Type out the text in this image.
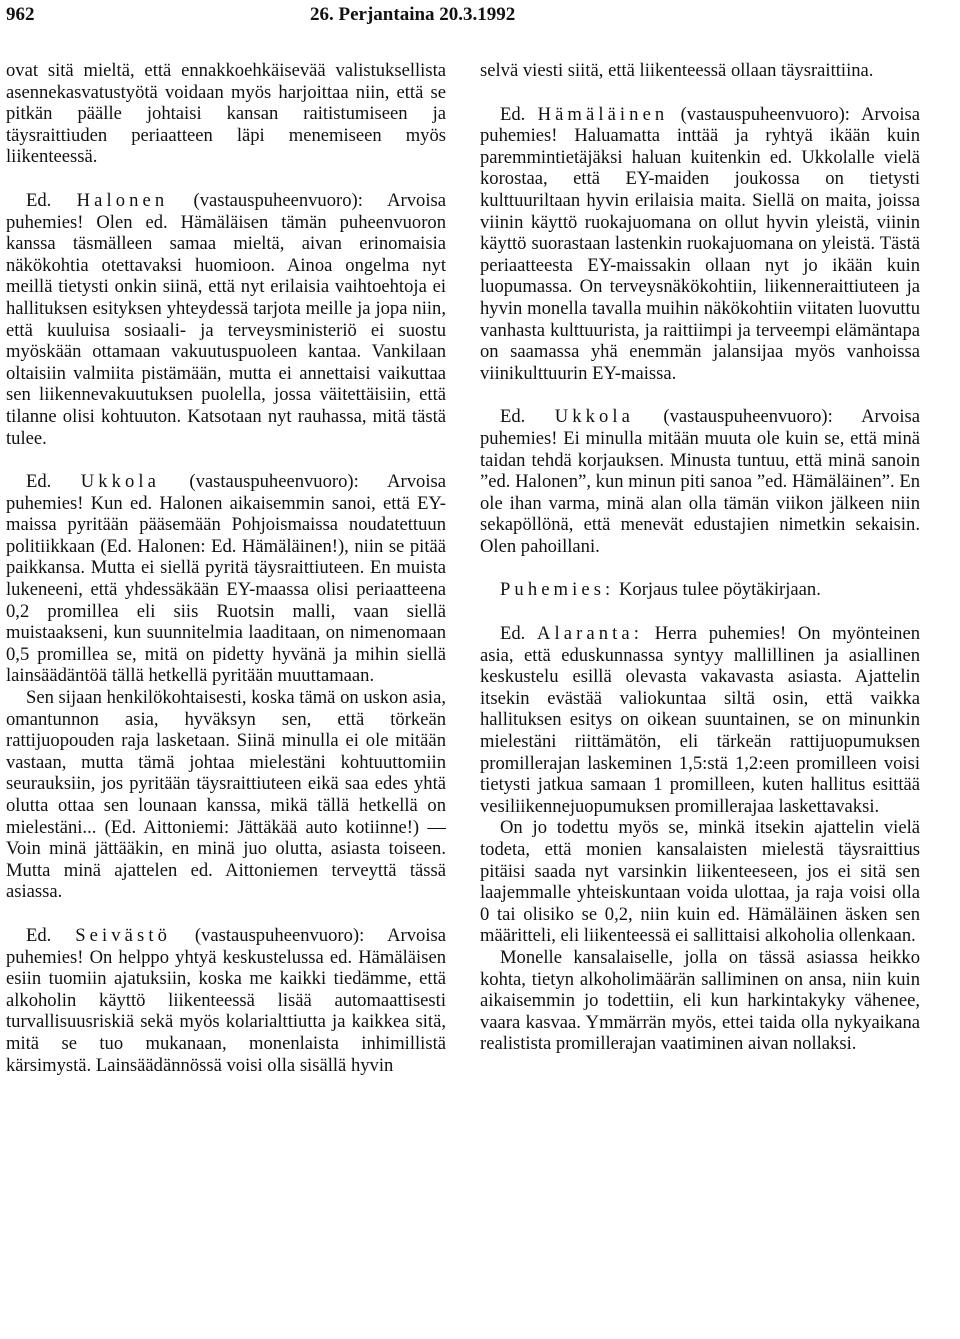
962	26. Perjantaina 20.3.1992

ovat sitä mieltä, että ennakkoehkäisevää valistuksellista asennekasvatustyötä voidaan myös harjoittaa niin, että se pitkän päälle johtaisi kansan raitistumiseen ja täysraittiuden periaatteen läpi menemiseen myös liikenteessä.

Ed. Halonen (vastauspuheenvuoro): Arvoisa puhemies! Olen ed. Hämäläisen tämän puheenvuoron kanssa täsmälleen samaa mieltä, aivan erinomaisia näkökohtia otettavaksi huomioon. Ainoa ongelma nyt meillä tietysti onkin siinä, että nyt erilaisia vaihtoehtoja ei hallituksen esityksen yhteydessä tarjota meille ja jopa niin, että kuuluisa sosiaali- ja terveysministeriö ei suostu myöskään ottamaan vakuutuspuoleen kantaa. Vankilaan oltaisiin valmiita pistämään, mutta ei annettaisi vaikuttaa sen liikennevakuutuksen puolella, jossa väitettäisiin, että tilanne olisi kohtuuton. Katsotaan nyt rauhassa, mitä tästä tulee.

Ed. Ukkola (vastauspuheenvuoro): Arvoisa puhemies! Kun ed. Halonen aikaisemmin sanoi, että EY-maissa pyritään pääsemään Pohjoismaissa noudatettuun politiikkaan (Ed. Halonen: Ed. Hämäläinen!), niin se pitää paikkansa. Mutta ei siellä pyritä täysraittiuteen. En muista lukeneeni, että yhdessäkään EY-maassa olisi periaatteena 0,2 promillea eli siis Ruotsin malli, vaan siellä muistaakseni, kun suunnitelmia laaditaan, on nimenomaan 0,5 promillea se, mitä on pidetty hyvänä ja mihin siellä lainsäädäntöä tällä hetkellä pyritään muuttamaan.

Sen sijaan henkilökohtaisesti, koska tämä on uskon asia, omantunnon asia, hyväksyn sen, että törkeän rattijuopouden raja lasketaan. Siinä minulla ei ole mitään vastaan, mutta tämä johtaa mielestäni kohtuuttomiin seurauksiin, jos pyritään täysraittiuteen eikä saa edes yhtä olutta ottaa sen lounaan kanssa, mikä tällä hetkellä on mielestäni... (Ed. Aittoniemi: Jättäkää auto kotiinne!) — Voin minä jättääkin, en minä juo olutta, asiasta toiseen. Mutta minä ajattelen ed. Aittoniemen terveyttä tässä asiassa.

Ed. Seivästö (vastauspuheenvuoro): Arvoisa puhemies! On helppo yhtyä keskustelussa ed. Hämäläisen esiin tuomiin ajatuksiin, koska me kaikki tiedämme, että alkoholin käyttö liikenteessä lisää automaattisesti turvallisuusriskiä sekä myös kolarialttiutta ja kaikkea sitä, mitä se tuo mukanaan, monenlaista inhimillistä kärsimystä. Lainsäädännössä voisi olla sisällä hyvin

selvä viesti siitä, että liikenteessä ollaan täysraittiina.

Ed. Hämäläinen (vastauspuheenvuoro): Arvoisa puhemies! Haluamatta inttää ja ryhtyä ikään kuin paremmintietäjäksi haluan kuitenkin ed. Ukkolalle vielä korostaa, että EY-maiden joukossa on tietysti kulttuuriltaan hyvin erilaisia maita. Siellä on maita, joissa viinin käyttö ruokajuomana on ollut hyvin yleistä, viinin käyttö suorastaan lastenkin ruokajuomana on yleistä. Tästä periaatteesta EY-maissakin ollaan nyt jo ikään kuin luopumassa. On terveysnäkökohtiin, liikenneraittiuteen ja hyvin monella tavalla muihin näkökohtiin viitaten luovuttu vanhasta kulttuurista, ja raittiimpi ja terveempi elämäntapa on saamassa yhä enemmän jalansijaa myös vanhoissa viinikulttuurin EY-maissa.

Ed. Ukkola (vastauspuheenvuoro): Arvoisa puhemies! Ei minulla mitään muuta ole kuin se, että minä taidan tehdä korjauksen. Minusta tuntuu, että minä sanoin ”ed. Halonen”, kun minun piti sanoa ”ed. Hämäläinen”. En ole ihan varma, minä alan olla tämän viikon jälkeen niin sekapöllönä, että menevät edustajien nimetkin sekaisin. Olen pahoillani.

Puhemies: Korjaus tulee pöytäkirjaan.

Ed. Alaranta: Herra puhemies! On myönteinen asia, että eduskunnassa syntyy mallillinen ja asiallinen keskustelu esillä olevasta vakavasta asiasta. Ajattelin itsekin evästää valiokuntaa siltä osin, että vaikka hallituksen esitys on oikean suuntainen, se on minunkin mielestäni riittämätön, eli tärkeän rattijuopumuksen promillerajan laskeminen 1,5:stä 1,2:een promilleen voisi tietysti jatkua samaan 1 promilleen, kuten hallitus esittää vesiliikennejuopumuksen promillerajaa laskettavaksi.

On jo todettu myös se, minkä itsekin ajattelin vielä todeta, että monien kansalaisten mielestä täysraittius pitäisi saada nyt varsinkin liikenteeseen, jos ei sitä sen laajemmalle yhteiskuntaan voida ulottaa, ja raja voisi olla 0 tai olisiko se 0,2, niin kuin ed. Hämäläinen äsken sen määritteli, eli liikenteessä ei sallittaisi alkoholia ollenkaan.

Monelle kansalaiselle, jolla on tässä asiassa heikko kohta, tietyn alkoholimäärän salliminen on ansa, niin kuin aikaisemmin jo todettiin, eli kun harkintakyky vähenee, vaara kasvaa. Ymmärrän myös, ettei taida olla nykyaikana realistista promillerajan vaatiminen aivan nollaksi.
